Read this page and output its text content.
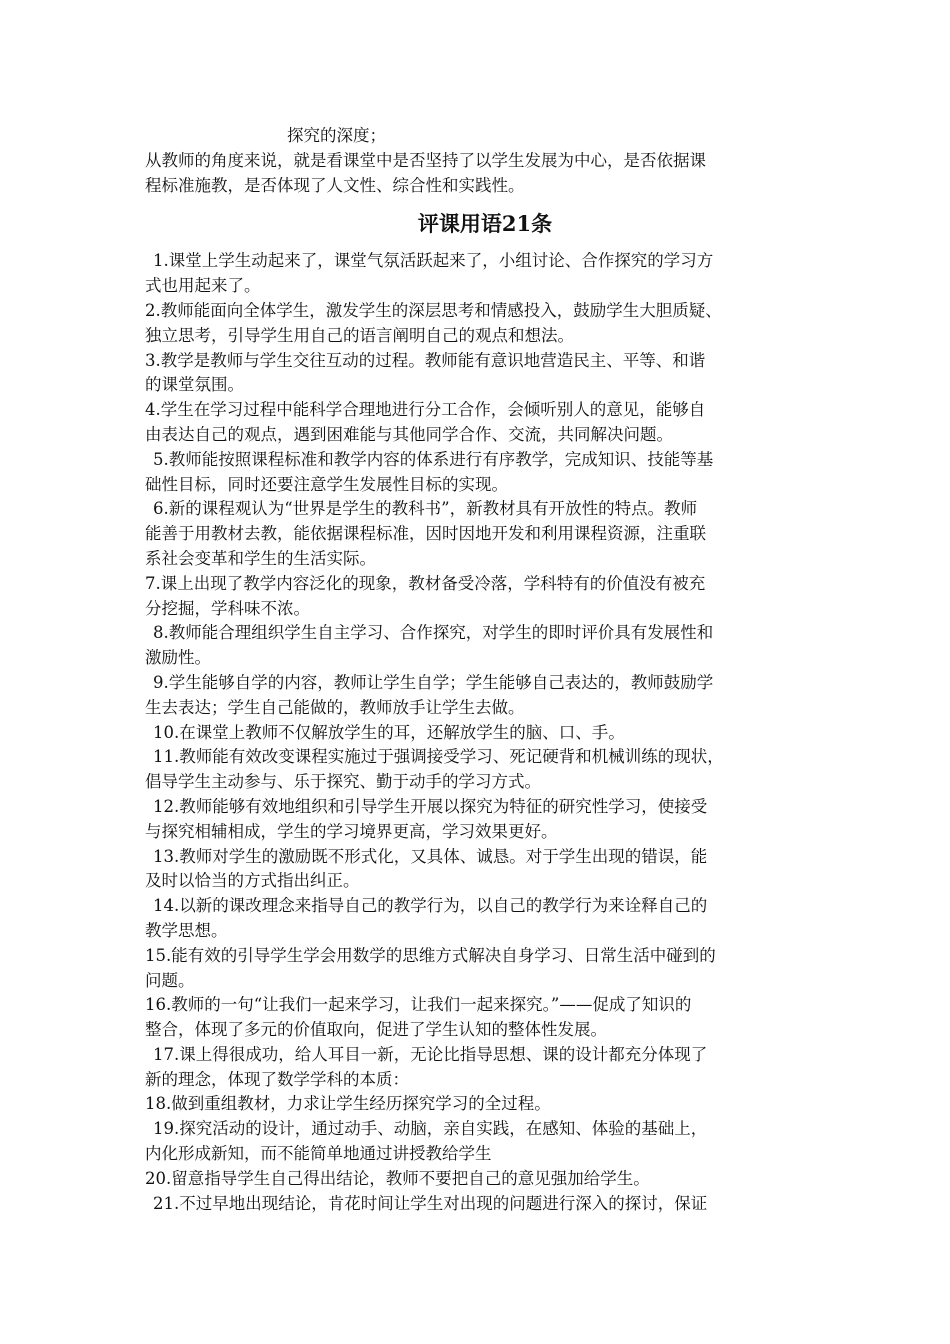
探究的深度；
从教师的角度来说，就是看课堂中是否坚持了以学生发展为中心，是否依据课
程标准施教，是否体现了人文性、综合性和实践性。
评课用语21条
1.课堂上学生动起来了，课堂气氛活跃起来了，小组讨论、合作探究的学习方
式也用起来了。
2.教师能面向全体学生，激发学生的深层思考和情感投入，鼓励学生大胆质疑、
独立思考，引导学生用自己的语言阐明自己的观点和想法。
3.教学是教师与学生交往互动的过程。教师能有意识地营造民主、平等、和谐
的课堂氛围。
4.学生在学习过程中能科学合理地进行分工合作，会倾听别人的意见，能够自
由表达自己的观点，遇到困难能与其他同学合作、交流，共同解决问题。
5.教师能按照课程标准和教学内容的体系进行有序教学，完成知识、技能等基
础性目标，同时还要注意学生发展性目标的实现。
6.新的课程观认为“世界是学生的教科书”，新教材具有开放性的特点。教师
能善于用教材去教，能依据课程标准，因时因地开发和利用课程资源，注重联
系社会变革和学生的生活实际。
7.课上出现了教学内容泛化的现象，教材备受冷落，学科特有的价值没有被充
分挖掘，学科味不浓。
8.教师能合理组织学生自主学习、合作探究，对学生的即时评价具有发展性和
激励性。
9.学生能够自学的内容，教师让学生自学；学生能够自己表达的，教师鼓励学
生去表达；学生自己能做的，教师放手让学生去做。
10.在课堂上教师不仅解放学生的耳，还解放学生的脑、口、手。
11.教师能有效改变课程实施过于强调接受学习、死记硬背和机械训练的现状，
倡导学生主动参与、乐于探究、勤于动手的学习方式。
12.教师能够有效地组织和引导学生开展以探究为特征的研究性学习，使接受
与探究相辅相成，学生的学习境界更高，学习效果更好。
13.教师对学生的激励既不形式化，又具体、诚恳。对于学生出现的错误，能
及时以恰当的方式指出纠正。
14.以新的课改理念来指导自己的教学行为，以自己的教学行为来诠释自己的
教学思想。
15.能有效的引导学生学会用数学的思维方式解决自身学习、日常生活中碰到的
问题。
16.教师的一句“让我们一起来学习，让我们一起来探究。”——促成了知识的
整合，体现了多元的价值取向，促进了学生认知的整体性发展。
17.课上得很成功，给人耳目一新，无论比指导思想、课的设计都充分体现了
新的理念，体现了数学学科的本质：
18.做到重组教材，力求让学生经历探究学习的全过程。
19.探究活动的设计，通过动手、动脑，亲自实践，在感知、体验的基础上，
内化形成新知，而不能简单地通过讲授教给学生
20.留意指导学生自己得出结论，教师不要把自己的意见强加给学生。
21.不过早地出现结论，肯花时间让学生对出现的问题进行深入的探讨，保证
